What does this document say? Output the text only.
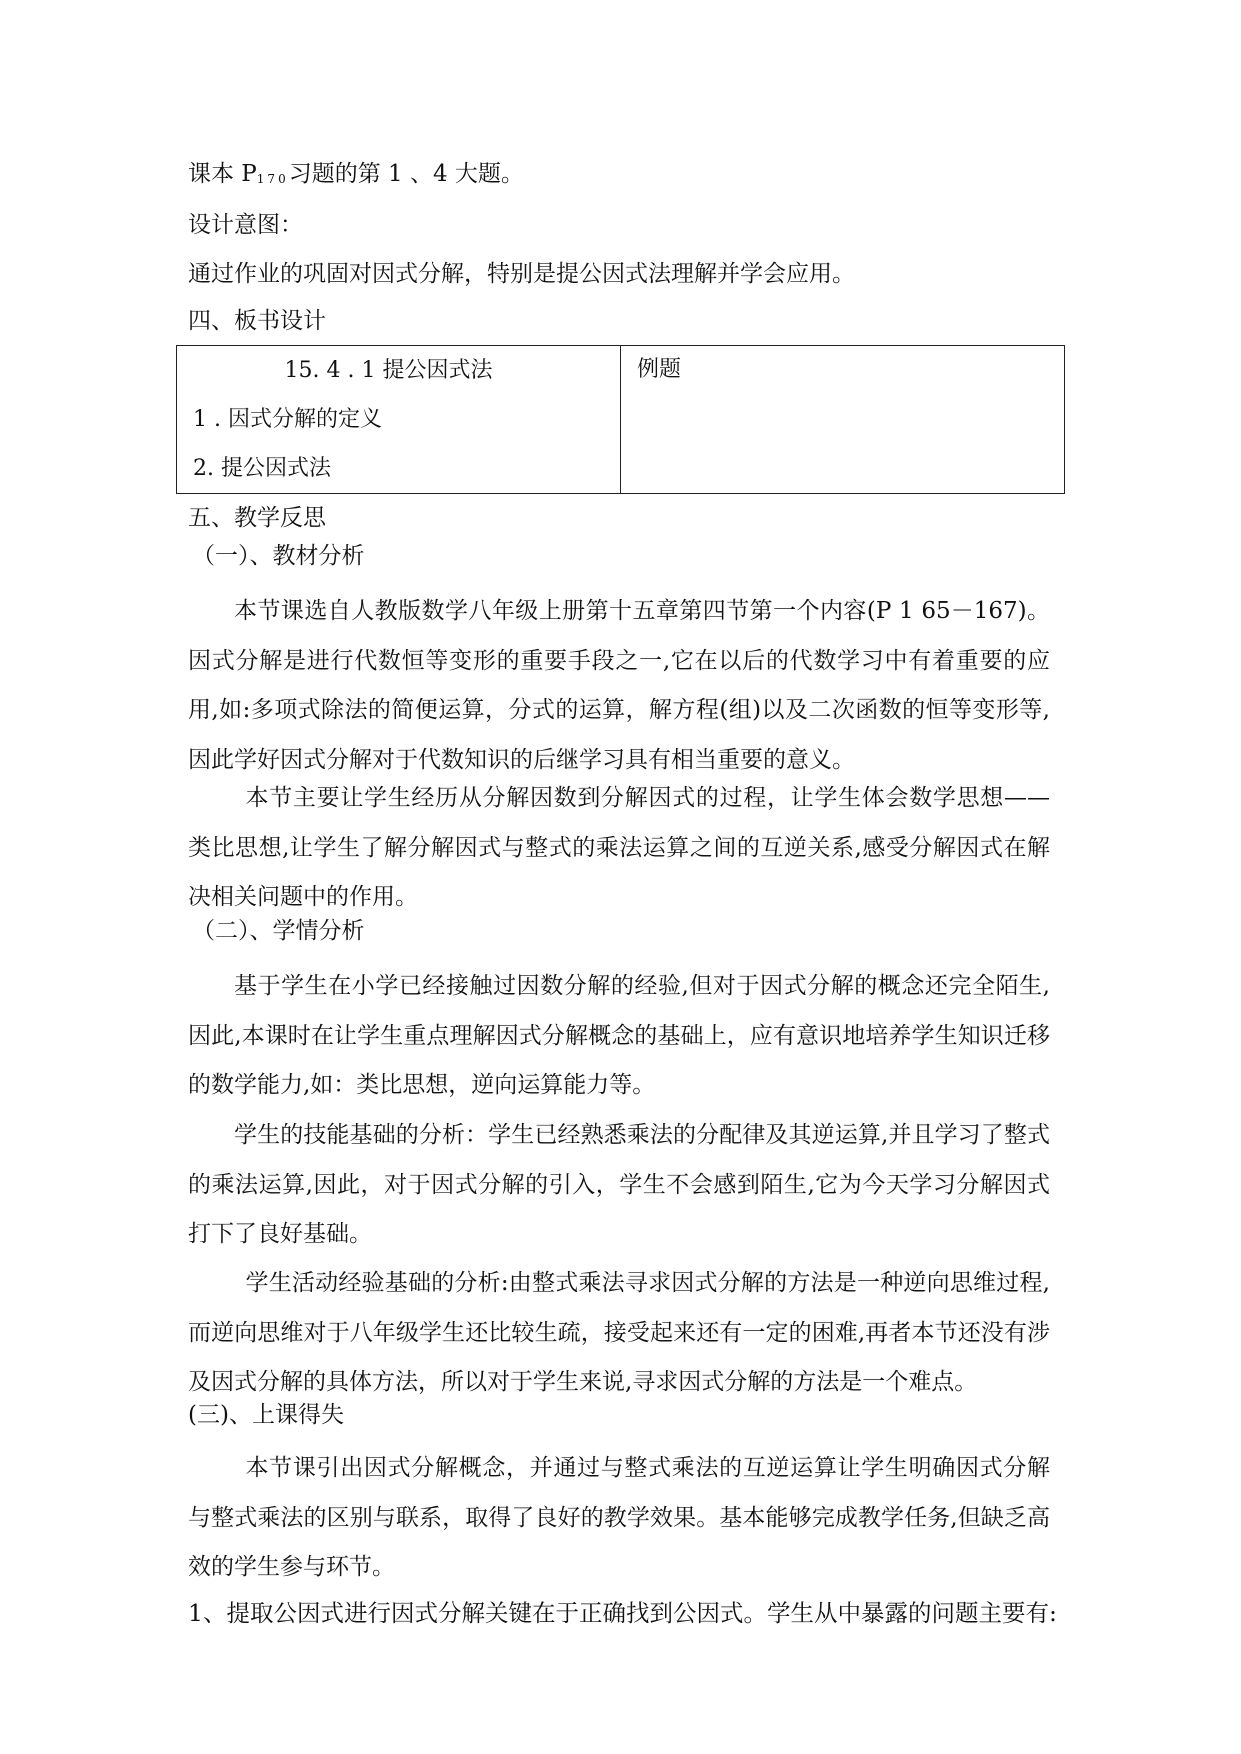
课本 $P_{170}$习题的第 1 、4 大题。
设计意图：
通过作业的巩固对因式分解，特别是提公因式法理解并学会应用。
四、板书设计
15. 4 . 1 提公因式法
1 . 因式分解的定义
2. 提公因式法

例题
五、教学反思
（一）、教材分析
本节课选自人教版数学八年级上册第十五章第四节第一个内容(P 1 65－167)。因式分解是进行代数恒等变形的重要手段之一,它在以后的代数学习中有着重要的应用,如:多项式除法的简便运算，分式的运算，解方程(组)以及二次函数的恒等变形等,因此学好因式分解对于代数知识的后继学习具有相当重要的意义。
本节主要让学生经历从分解因数到分解因式的过程，让学生体会数学思想——类比思想,让学生了解分解因式与整式的乘法运算之间的互逆关系,感受分解因式在解决相关问题中的作用。
（二）、学情分析
基于学生在小学已经接触过因数分解的经验,但对于因式分解的概念还完全陌生,因此,本课时在让学生重点理解因式分解概念的基础上，应有意识地培养学生知识迁移的数学能力,如：类比思想，逆向运算能力等。
学生的技能基础的分析：学生已经熟悉乘法的分配律及其逆运算,并且学习了整式的乘法运算,因此，对于因式分解的引入，学生不会感到陌生,它为今天学习分解因式打下了良好基础。
学生活动经验基础的分析:由整式乘法寻求因式分解的方法是一种逆向思维过程,而逆向思维对于八年级学生还比较生疏，接受起来还有一定的困难,再者本节还没有涉及因式分解的具体方法，所以对于学生来说,寻求因式分解的方法是一个难点。
(三)、上课得失
本节课引出因式分解概念，并通过与整式乘法的互逆运算让学生明确因式分解与整式乘法的区别与联系，取得了良好的教学效果。基本能够完成教学任务,但缺乏高效的学生参与环节。
1、提取公因式进行因式分解关键在于正确找到公因式。学生从中暴露的问题主要有:
